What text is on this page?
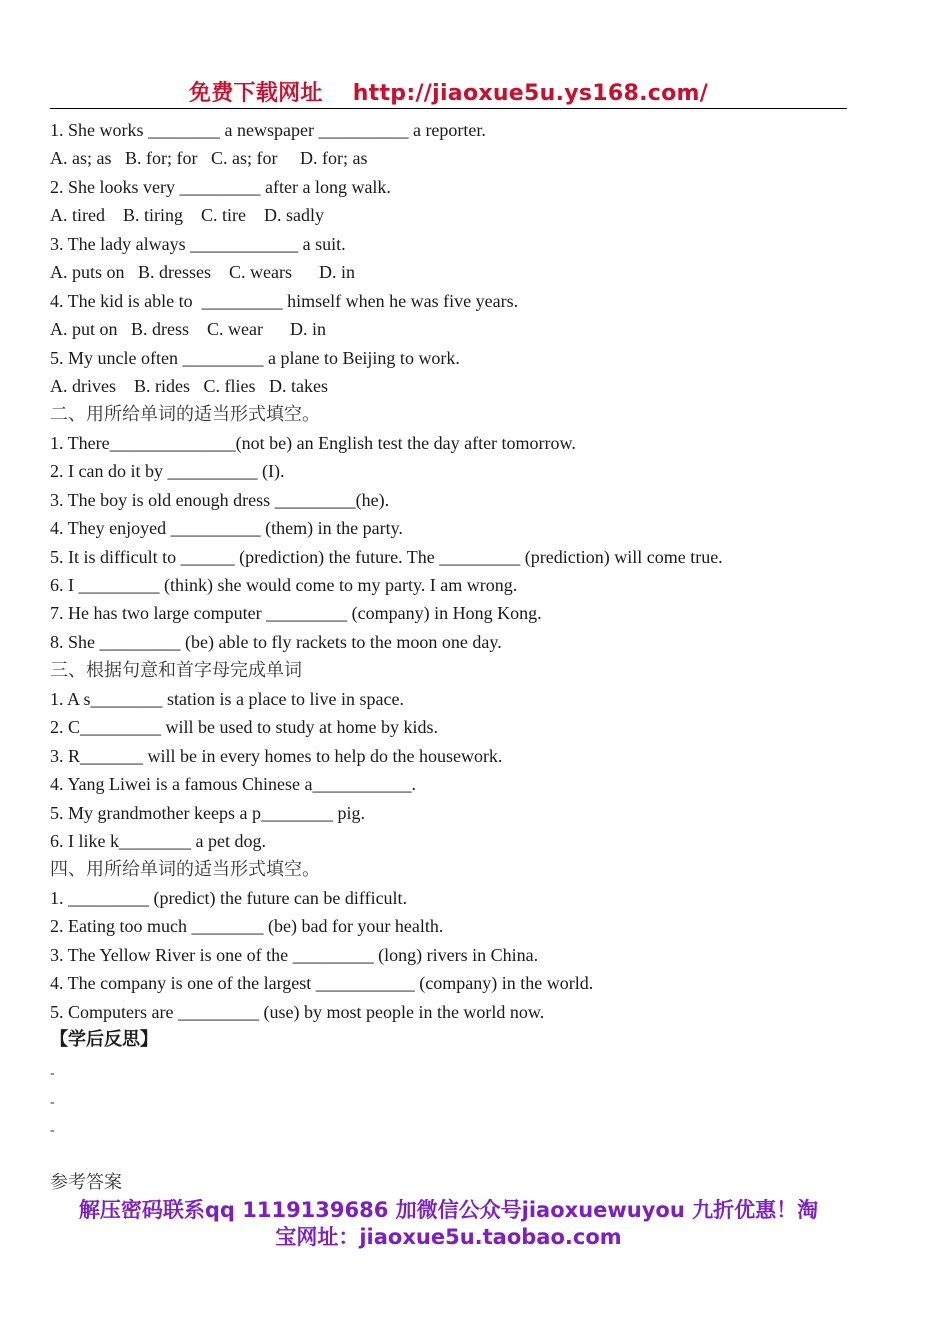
免费下载网址 http://jiaoxue5u.ys168.com/
1. She works ________ a newspaper __________ a reporter.
A. as; as   B. for; for   C. as; for     D. for; as
2. She looks very _________ after a long walk.
A. tired    B. tiring    C. tire    D. sadly
3. The lady always ____________ a suit.
A. puts on   B. dresses    C. wears      D. in
4. The kid is able to  _________ himself when he was five years.
A. put on   B. dress    C. wear      D. in
5. My uncle often _________ a plane to Beijing to work.
A. drives    B. rides   C. flies   D. takes
二、用所给单词的适当形式填空。
1. There______________(not be) an English test the day after tomorrow.
2. I can do it by __________ (I).
3. The boy is old enough dress _________(he).
4. They enjoyed __________ (them) in the party.
5. It is difficult to ______ (prediction) the future. The _________ (prediction) will come true.
6. I _________ (think) she would come to my party. I am wrong.
7. He has two large computer _________ (company) in Hong Kong.
8. She _________ (be) able to fly rackets to the moon one day.
三、根据句意和首字母完成单词
1. A s________ station is a place to live in space.
2. C_________ will be used to study at home by kids.
3. R_______ will be in every homes to help do the housework.
4. Yang Liwei is a famous Chinese a___________.
5. My grandmother keeps a p________ pig.
6. I like k________ a pet dog.
四、用所给单词的适当形式填空。
1. _________ (predict) the future can be difficult.
2. Eating too much ________ (be) bad for your health.
3. The Yellow River is one of the _________ (long) rivers in China.
4. The company is one of the largest ___________ (company) in the world.
5. Computers are _________ (use) by most people in the world now.
【学后反思】
-
-
-
参考答案
解压密码联系qq 1119139686 加微信公众号jiaoxuewuyou 九折优惠！淘
宝网址：jiaoxue5u.taobao.com
